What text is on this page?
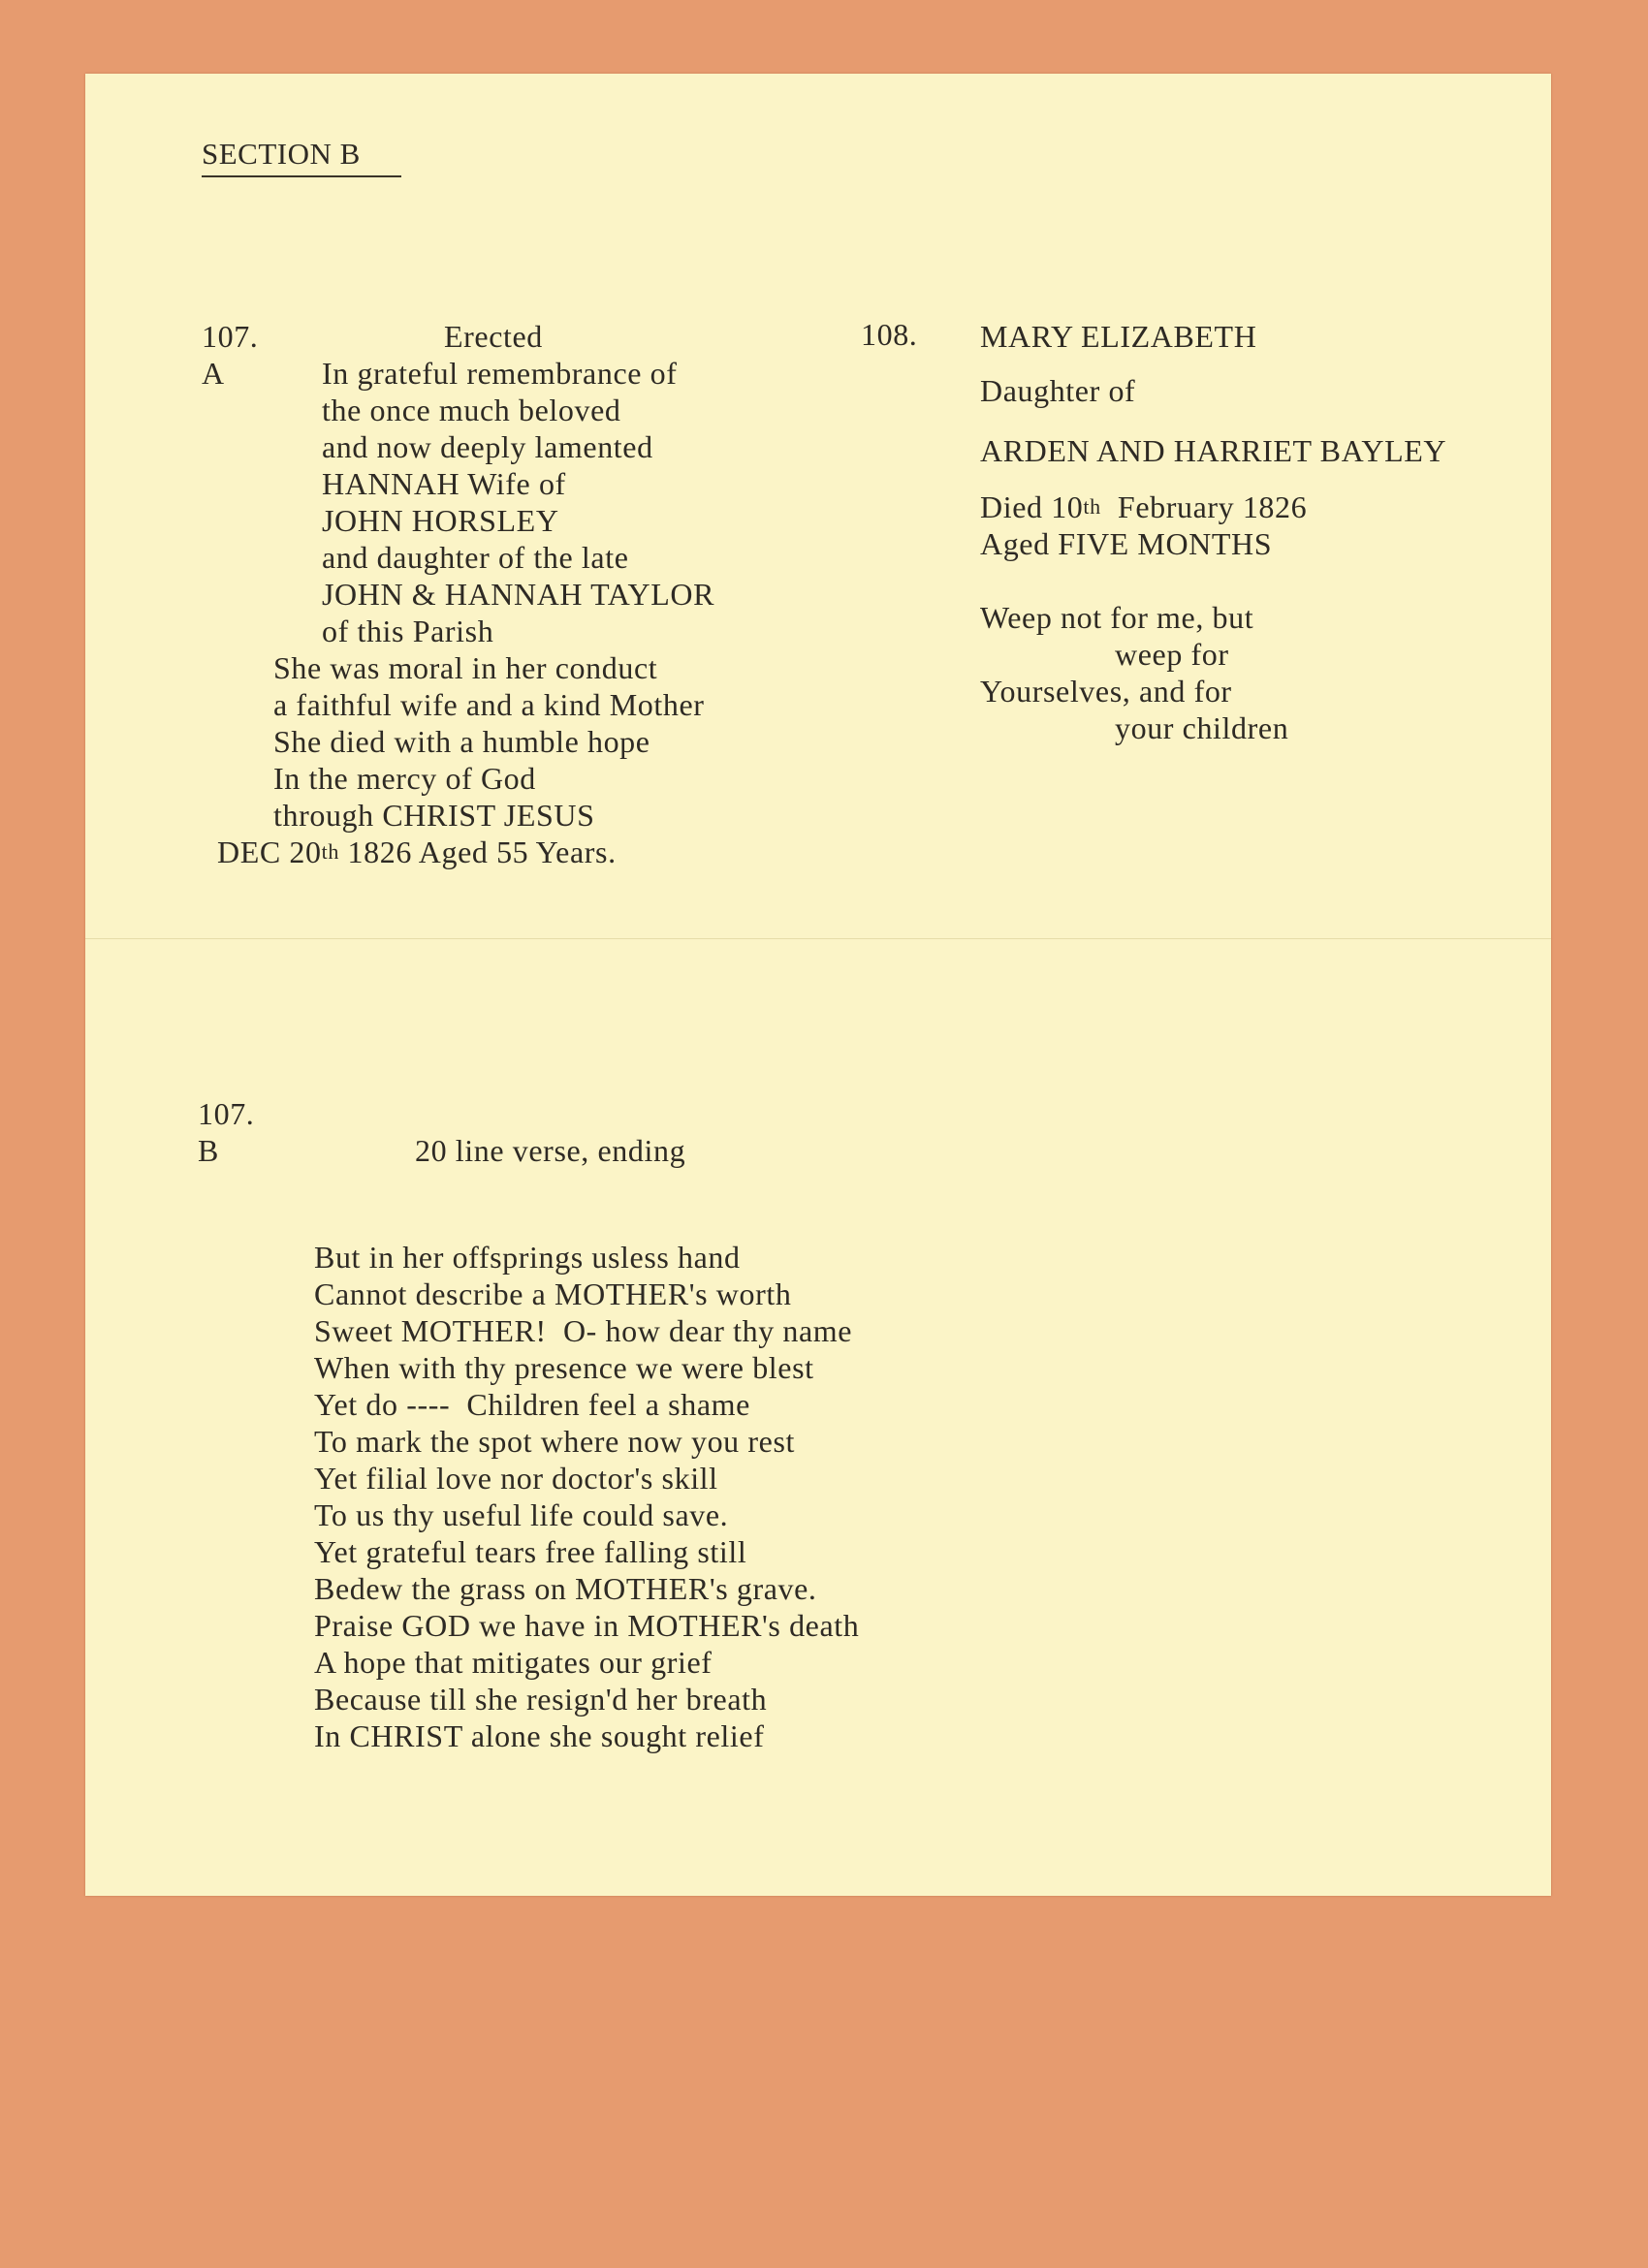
SECTION B
107.
A
Erected
In grateful remembrance of
the once much beloved
and now deeply lamented
HANNAH Wife of
JOHN HORSLEY
and daughter of the late
JOHN & HANNAH TAYLOR
of this Parish
She was moral in her conduct
a faithful wife and a kind Mother
She died with a humble hope
In the mercy of God
through CHRIST JESUS
DEC 20th 1826 Aged 55 Years.
108. MARY ELIZABETH
Daughter of
ARDEN AND HARRIET BAYLEY
Died 10th  February 1826
Aged FIVE MONTHS
Weep not for me, but
weep for
Yourselves, and for
your children
107.
B	20 line verse, ending
But in her offsprings usless hand
Cannot describe a MOTHER's worth
Sweet MOTHER!  O- how dear thy name
When with thy presence we were blest
Yet do ----  Children feel a shame
To mark the spot where now you rest
Yet filial love nor doctor's skill
To us thy useful life could save.
Yet grateful tears free falling still
Bedew the grass on MOTHER's grave.
Praise GOD we have in MOTHER's death
A hope that mitigates our grief
Because till she resign'd her breath
In CHRIST alone she sought relief
